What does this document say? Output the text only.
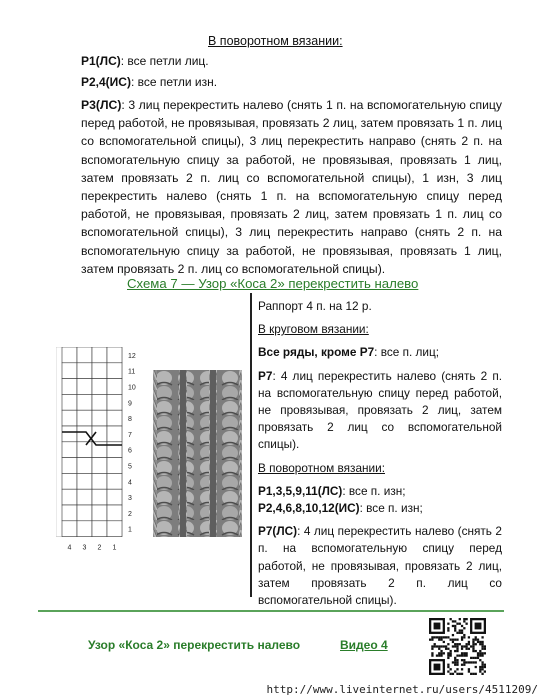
В поворотном вязании:
Р1(ЛС): все петли лиц.
Р2,4(ИС): все петли изн.
Р3(ЛС): 3 лиц перекрестить налево (снять 1 п. на вспомогательную спицу перед работой, не провязывая, провязать 2 лиц, затем провязать 1 п. лиц со вспомогательной спицы), 3 лиц перекрестить направо (снять 2 п. на вспомогательную спицу за работой, не провязывая, провязать 1 лиц, затем провязать 2 п. лиц со вспомогательной спицы), 1 изн, 3 лиц перекрестить налево (снять 1 п. на вспомогательную спицу перед работой, не провязывая, провязать 2 лиц, затем провязать 1 п. лиц со вспомогательной спицы), 3 лиц перекрестить направо (снять 2 п. на вспомогательную спицу за работой, не провязывая, провязать 1 лиц, затем провязать 2 п. лиц со вспомогательной спицы).
Схема 7 — Узор «Коса 2» перекрестить налево
12
11
10
9
8
7
6
5
4
3
2
1
4 3 2 1

Раппорт 4 п. на 12 р.

В круговом вязании:

Все ряды, кроме Р7: все п. лиц;

Р7: 4 лиц перекрестить налево (снять 2 п. на вспомогательную спицу перед работой, не провязывая, провязать 2 лиц, затем провязать 2 лиц со вспомогательной спицы).

В поворотном вязании:

Р1,3,5,9,11(ЛС): все п. изн;

Р2,4,6,8,10,12(ИС): все п. изн;

Р7(ЛС): 4 лиц перекрестить налево (снять 2 п. на вспомогательную спицу перед работой, не провязывая, провязать 2 лиц, затем провязать 2 п. лиц со вспомогательной спицы).

Узор «Коса 2» перекрестить налево	Видео 4
http://www.liveinternet.ru/users/4511209/
